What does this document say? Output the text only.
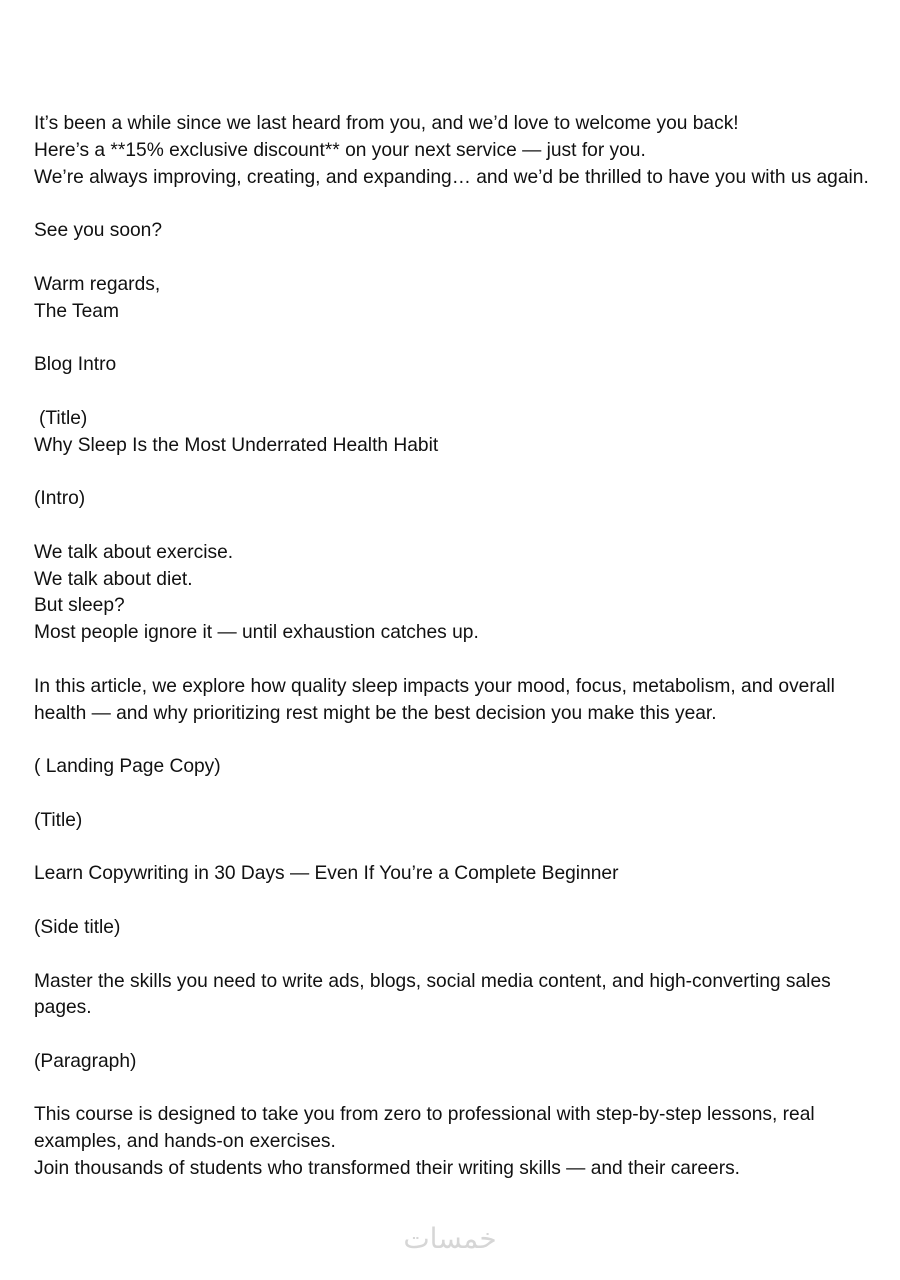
It’s been a while since we last heard from you, and we’d love to welcome you back!
Here’s a **15% exclusive discount** on your next service — just for you.
We’re always improving, creating, and expanding… and we’d be thrilled to have you with us again.
See you soon?
Warm regards,
The Team
Blog Intro
(Title)
Why Sleep Is the Most Underrated Health Habit
(Intro)
We talk about exercise.
We talk about diet.
But sleep?
Most people ignore it — until exhaustion catches up.
In this article, we explore how quality sleep impacts your mood, focus, metabolism, and overall health — and why prioritizing rest might be the best decision you make this year.
( Landing Page Copy)
(Title)
Learn Copywriting in 30 Days — Even If You’re a Complete Beginner
(Side title)
Master the skills you need to write ads, blogs, social media content, and high-converting sales pages.
(Paragraph)
This course is designed to take you from zero to professional with step-by-step lessons, real examples, and hands-on exercises.
Join thousands of students who transformed their writing skills — and their careers.
خمسات
